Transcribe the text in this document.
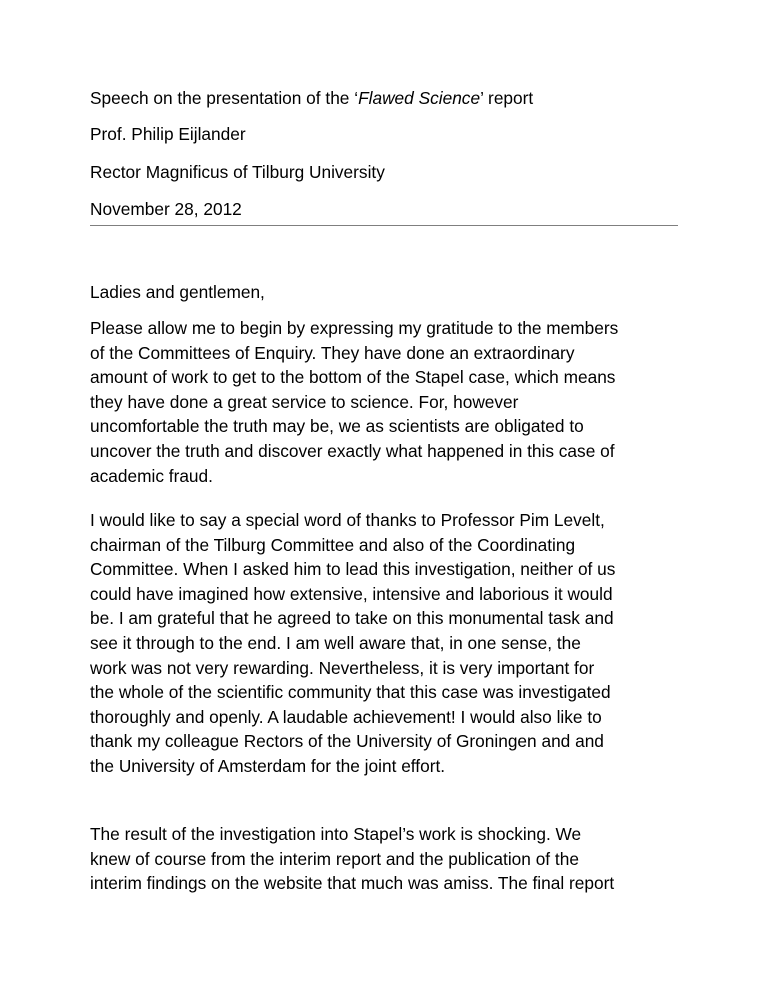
Speech on the presentation of the ‘Flawed Science’ report

Prof. Philip Eijlander

Rector Magnificus of Tilburg University

November 28, 2012

Ladies and gentlemen,

Please allow me to begin by expressing my gratitude to the members
of the Committees of Enquiry. They have done an extraordinary
amount of work to get to the bottom of the Stapel case, which means
they have done a great service to science. For, however
uncomfortable the truth may be, we as scientists are obligated to
uncover the truth and discover exactly what happened in this case of
academic fraud.

I would like to say a special word of thanks to Professor Pim Levelt,
chairman of the Tilburg Committee and also of the Coordinating
Committee. When I asked him to lead this investigation, neither of us
could have imagined how extensive, intensive and laborious it would
be. I am grateful that he agreed to take on this monumental task and
see it through to the end. I am well aware that, in one sense, the
work was not very rewarding. Nevertheless, it is very important for
the whole of the scientific community that this case was investigated
thoroughly and openly. A laudable achievement! I would also like to
thank my colleague Rectors of the University of Groningen and and
the University of Amsterdam for the joint effort.

The result of the investigation into Stapel’s work is shocking. We
knew of course from the interim report and the publication of the
interim findings on the website that much was amiss. The final report
